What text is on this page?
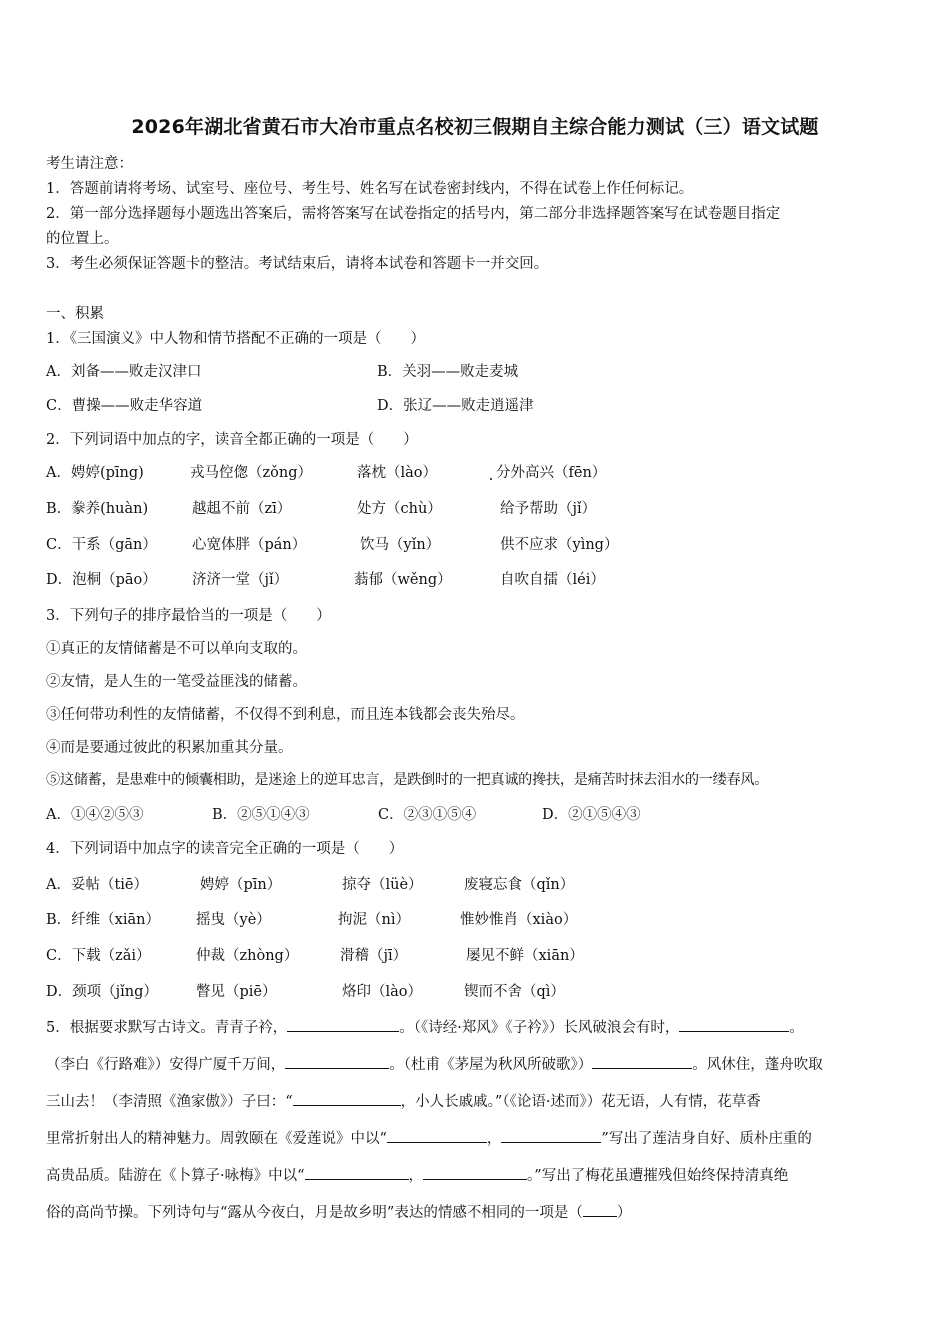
2026年湖北省黄石市大冶市重点名校初三假期自主综合能力测试（三）语文试题
考生请注意：
1．答题前请将考场、试室号、座位号、考生号、姓名写在试卷密封线内，不得在试卷上作任何标记。
2．第一部分选择题每小题选出答案后，需将答案写在试卷指定的括号内，第二部分非选择题答案写在试卷题目指定
的位置上。
3．考生必须保证答题卡的整洁。考试结束后，请将本试卷和答题卡一并交回。
一、积累
1．《三国演义》中人物和情节搭配不正确的一项是（　　）
A．刘备——败走汉津口	B．关羽——败走麦城
C．曹操——败走华容道	D．张辽——败走逍遥津
2．下列词语中加点的字，读音全都正确的一项是（　　）
A．娉婷(pīng)	戎马倥偬（zǒng）	落枕（lào）	分外高兴（fēn）
B．豢养(huàn)	越趄不前（zī）	处方（chù）	给予帮助（jǐ）
C．干系（gān） 心宽体胖（pán）	饮马（yǐn）	供不应求（yìng）
D．泡桐（pāo） 济济一堂（jǐ）	蓊郁（wěng）	自吹自擂（léi）
3．下列句子的排序最恰当的一项是（　　）
①真正的友情储蓄是不可以单向支取的。
②友情，是人生的一笔受益匪浅的储蓄。
③任何带功利性的友情储蓄，不仅得不到利息，而且连本钱都会丧失殆尽。
④而是要通过彼此的积累加重其分量。
⑤这储蓄，是患难中的倾囊相助，是迷途上的逆耳忠言，是跌倒时的一把真诚的搀扶，是痛苦时抹去泪水的一缕春风。
A．①④②⑤③	B．②⑤①④③	C．②③①⑤④	D．②①⑤④③
4．下列词语中加点字的读音完全正确的一项是（　　）
A．妥帖（tiē）	娉婷（pīn）	掠夺（lüè）	废寝忘食（qǐn）
B．纤维（xiān） 摇曳（yè）	拘泥（nì）	惟妙惟肖（xiào）
C．下载（zǎi）	仲裁（zhòng）	滑稽（jī）	屡见不鲜（xiān）
D．颈项（jǐng）	瞥见（piē）	烙印（lào）	锲而不舍（qì）
5．根据要求默写古诗文。青青子衿，	。（《诗经·郑风》《子衿》）长风破浪会有时，	。
（李白《行路难》）安得广厦千万间，	。（杜甫《茅屋为秋风所破歌》）	。风休住，蓬舟吹取
三山去！（李清照《渔家傲》）子曰：“	，小人长戚戚。”（《论语·述而》）花无语，人有情，花草香
里常折射出人的精神魅力。周敦颐在《爱莲说》中以“	，	”写出了莲洁身自好、质朴庄重的
高贵品质。陆游在《卜算子·咏梅》中以“	，	。”写出了梅花虽遭摧残但始终保持清真绝
俗的高尚节操。下列诗句与“露从今夜白，月是故乡明”表达的情感不相同的一项是（ ）
